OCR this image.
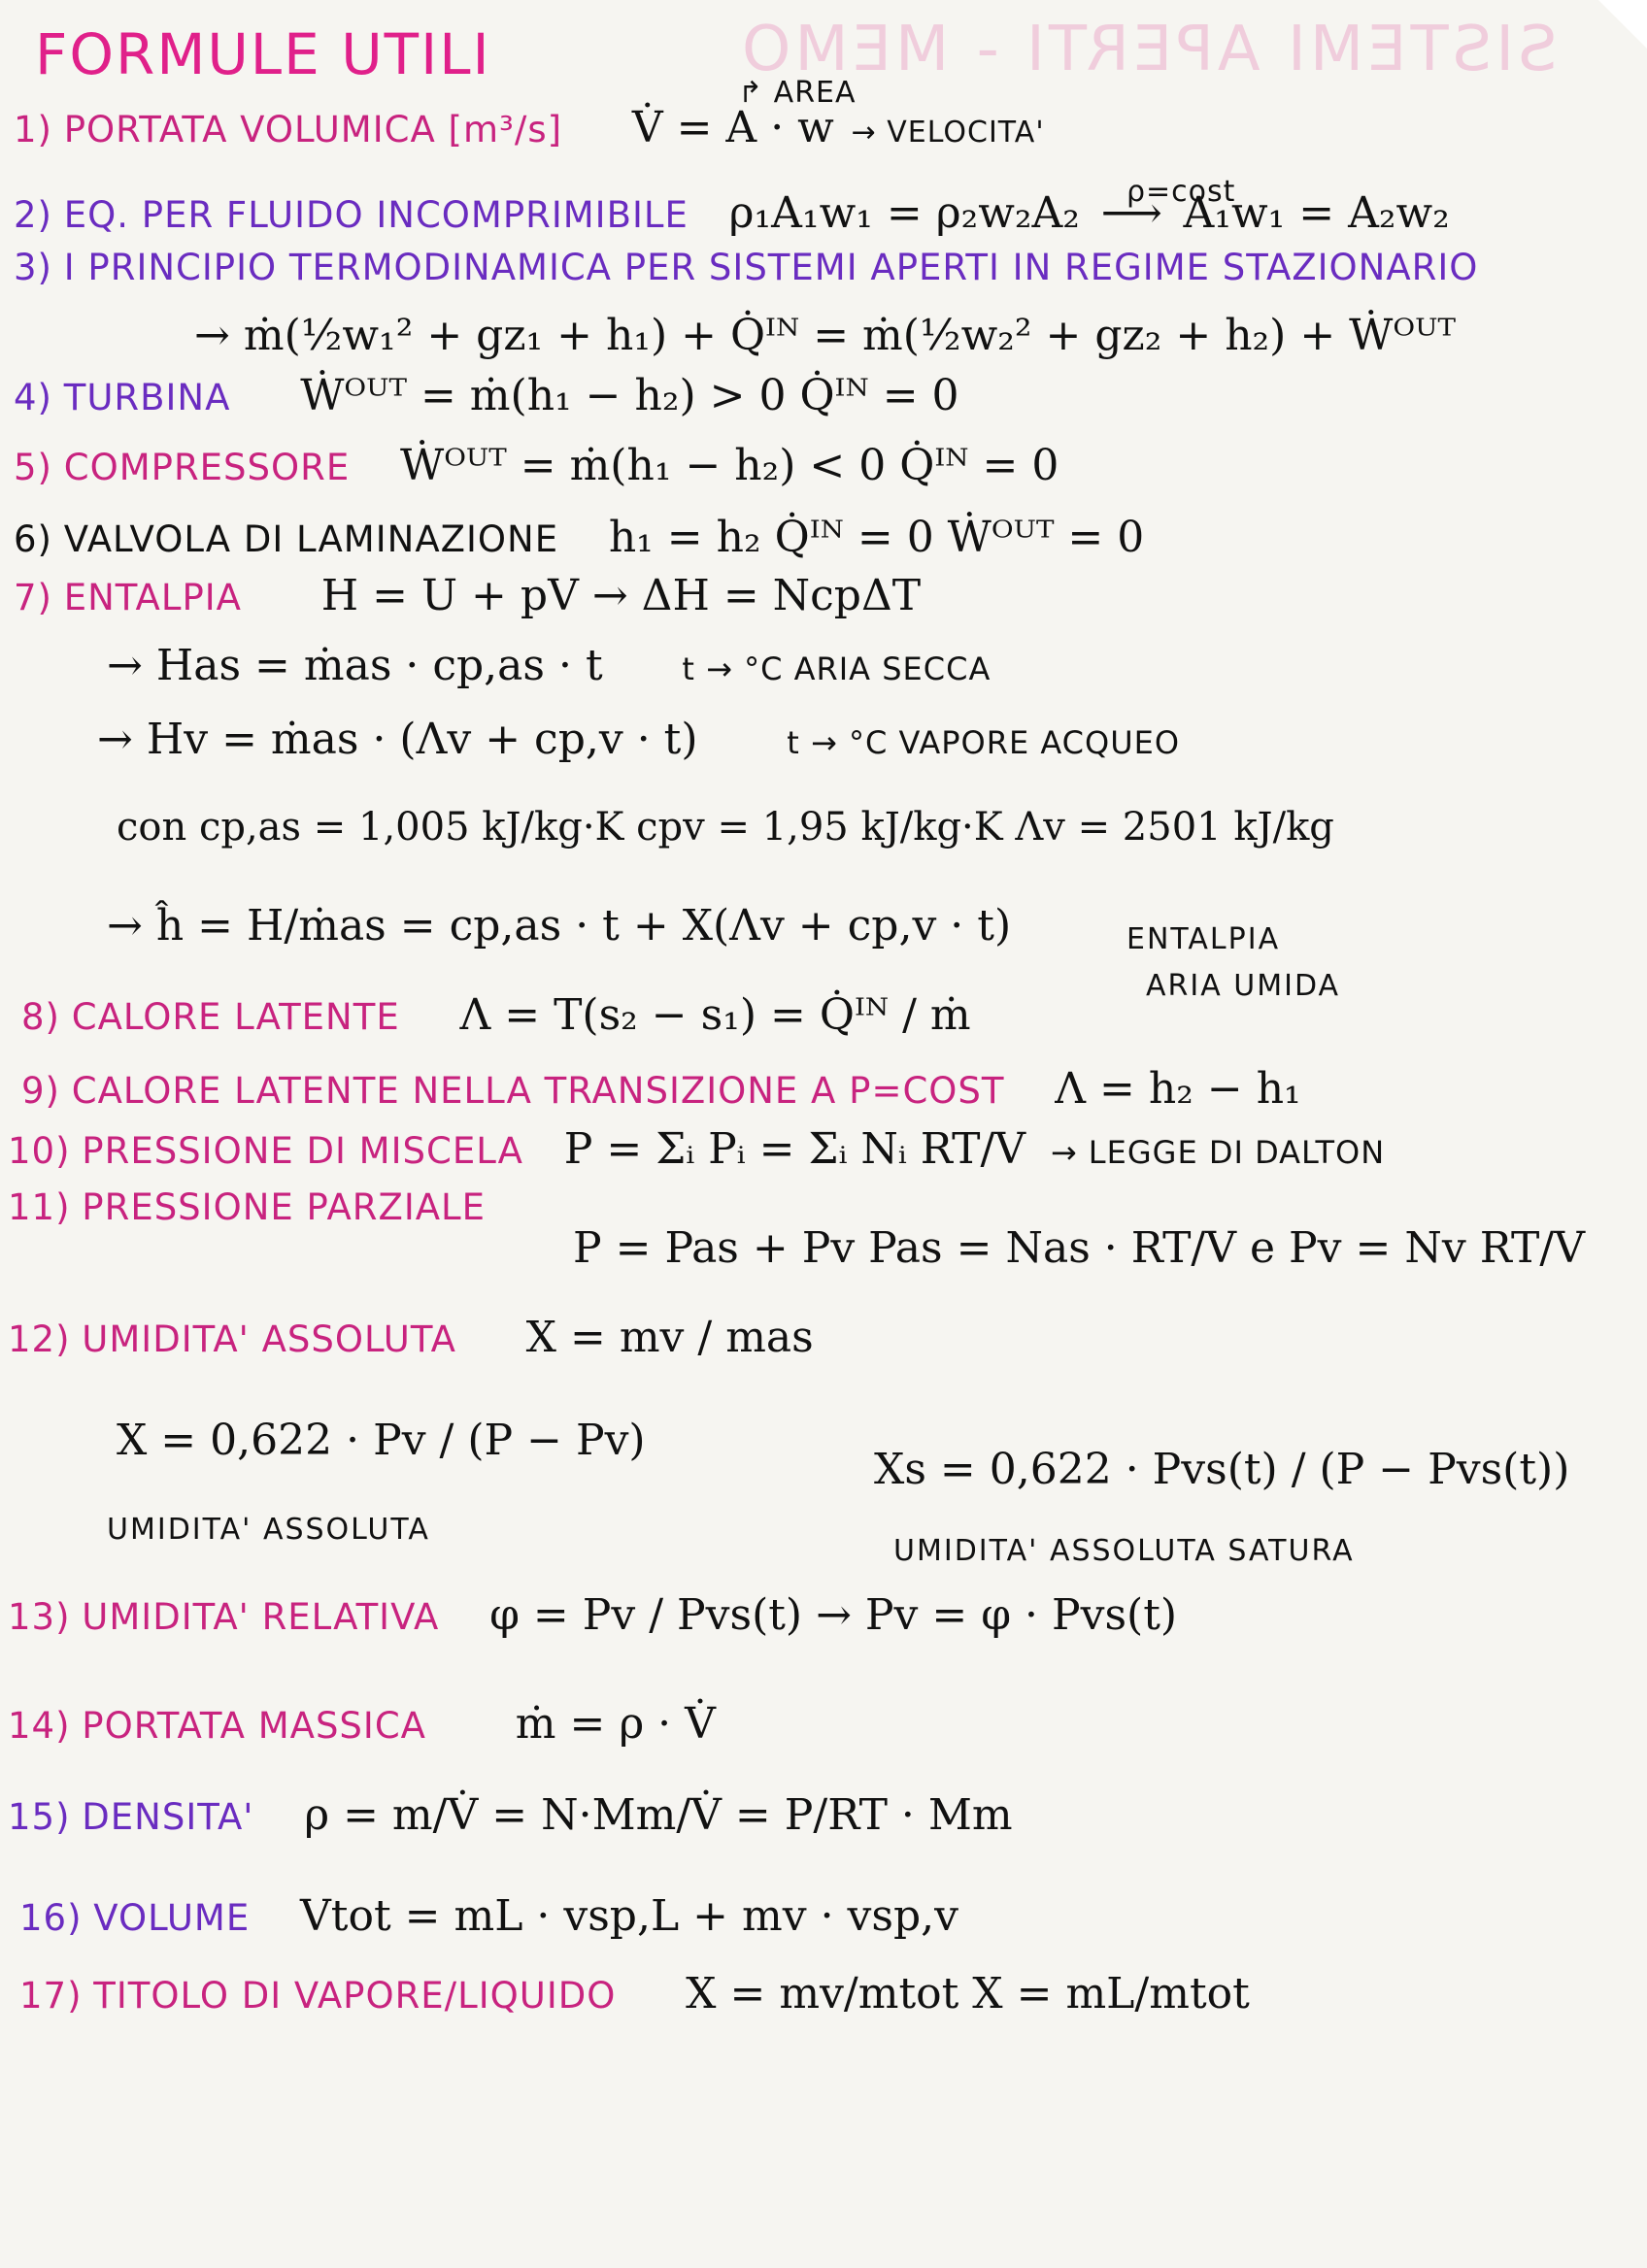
SISTEMI APERTI - MEMO
FORMULE UTILI
↱ AREA
1) PORTATA VOLUMICA [m³/s] V̇ = A · w → VELOCITA'
ρ=cost
2) EQ. PER FLUIDO INCOMPRIMIBILE ρ₁A₁w₁ = ρ₂w₂A₂ ⟶ A₁w₁ = A₂w₂
3) I PRINCIPIO TERMODINAMICA PER SISTEMI APERTI IN REGIME STAZIONARIO
→ ṁ(½w₁² + gz₁ + h₁) + Q̇ᴵᴺ = ṁ(½w₂² + gz₂ + h₂) + Ẇᴼᵁᵀ
4) TURBINA Ẇᴼᵁᵀ = ṁ(h₁ − h₂) > 0 Q̇ᴵᴺ = 0
5) COMPRESSORE Ẇᴼᵁᵀ = ṁ(h₁ − h₂) < 0 Q̇ᴵᴺ = 0
6) VALVOLA DI LAMINAZIONE h₁ = h₂ Q̇ᴵᴺ = 0 Ẇᴼᵁᵀ = 0
7) ENTALPIA H = U + pV → ΔH = NcpΔT
→ Has = ṁas · cp,as · t	t → °C ARIA SECCA
→ Hv = ṁas · (Λv + cp,v · t)	t → °C VAPORE ACQUEO
con cp,as = 1,005 kJ/kg·K cpv = 1,95 kJ/kg·K Λv = 2501 kJ/kg
→ ĥ = H/ṁas = cp,as · t + X(Λv + cp,v · t)	ENTALPIA
ARIA UMIDA
8) CALORE LATENTE Λ = T(s₂ − s₁) = Q̇ᴵᴺ / ṁ
9) CALORE LATENTE NELLA TRANSIZIONE A P=COST Λ = h₂ − h₁
10) PRESSIONE DI MISCELA P = Σᵢ Pᵢ = Σᵢ Nᵢ RT/V → LEGGE DI DALTON
11) PRESSIONE PARZIALE
P = Pas + Pv Pas = Nas · RT/V e Pv = Nv RT/V
12) UMIDITA' ASSOLUTA X = mv / mas
X = 0,622 · Pv / (P − Pv)
UMIDITA' ASSOLUTA
Xs = 0,622 · Pvs(t) / (P − Pvs(t))
UMIDITA' ASSOLUTA SATURA
13) UMIDITA' RELATIVA φ = Pv / Pvs(t) → Pv = φ · Pvs(t)
14) PORTATA MASSICA ṁ = ρ · V̇
15) DENSITA' ρ = m/V̇ = N·Mm/V̇ = P/RT · Mm
16) VOLUME Vtot = mL · vsp,L + mv · vsp,v
17) TITOLO DI VAPORE/LIQUIDO X = mv/mtot X = mL/mtot
